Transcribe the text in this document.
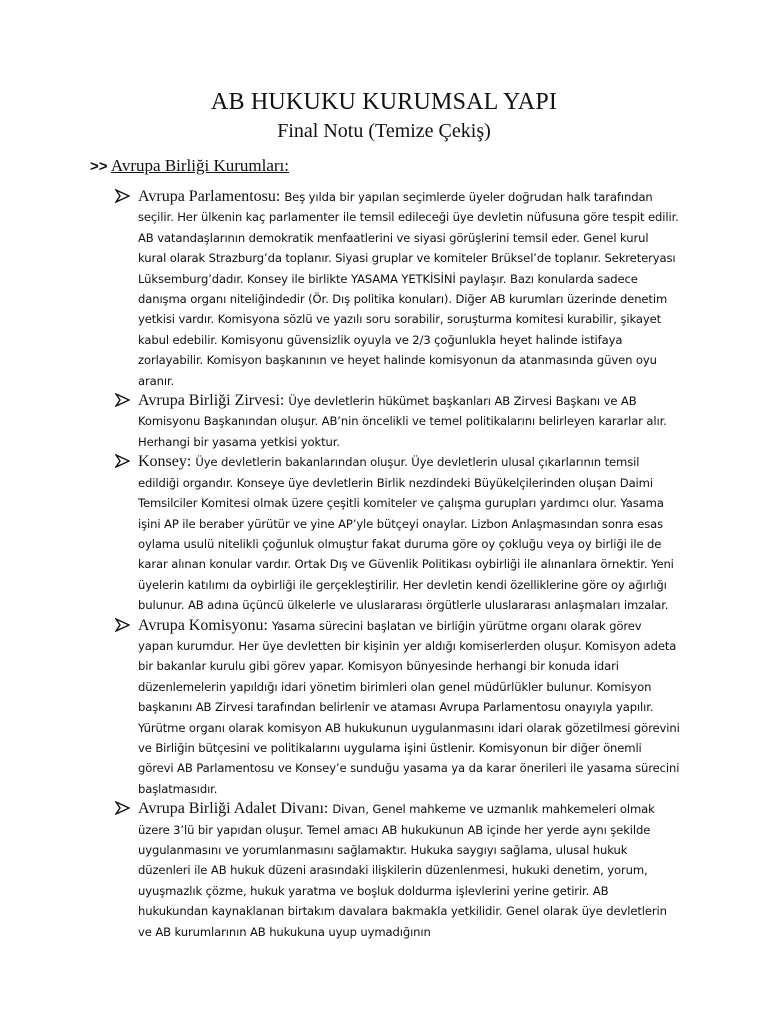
AB HUKUKU KURUMSAL YAPI
Final Notu (Temize Çekiş)
>> Avrupa Birliği Kurumları:

Avrupa Parlamentosu: Beş yılda bir yapılan seçimlerde üyeler doğrudan halk tarafından seçilir. Her ülkenin kaç parlamenter ile temsil edileceği üye devletin nüfusuna göre tespit edilir. AB vatandaşlarının demokratik menfaatlerini ve siyasi görüşlerini temsil eder. Genel kurul kural olarak Strazburg’da toplanır. Siyasi gruplar ve komiteler Brüksel’de toplanır. Sekreteryası Lüksemburg’dadır. Konsey ile birlikte YASAMA YETKİSİNİ paylaşır. Bazı konularda sadece danışma organı niteliğindedir (Ör. Dış politika konuları). Diğer AB kurumları üzerinde denetim yetkisi vardır. Komisyona sözlü ve yazılı soru sorabilir, soruşturma komitesi kurabilir, şikayet kabul edebilir. Komisyonu güvensizlik oyuyla ve 2/3 çoğunlukla heyet halinde istifaya zorlayabilir. Komisyon başkanının ve heyet halinde komisyonun da atanmasında güven oyu aranır.

Avrupa Birliği Zirvesi: Üye devletlerin hükümet başkanları AB Zirvesi Başkanı ve AB Komisyonu Başkanından oluşur. AB’nin öncelikli ve temel politikalarını belirleyen kararlar alır. Herhangi bir yasama yetkisi yoktur.

Konsey: Üye devletlerin bakanlarından oluşur. Üye devletlerin ulusal çıkarlarının temsil edildiği organdır. Konseye üye devletlerin Birlik nezdindeki Büyükelçilerinden oluşan Daimi Temsilciler Komitesi olmak üzere çeşitli komiteler ve çalışma gurupları yardımcı olur. Yasama işini AP ile beraber yürütür ve yine AP’yle bütçeyi onaylar. Lizbon Anlaşmasından sonra esas oylama usulü nitelikli çoğunluk olmuştur fakat duruma göre oy çokluğu veya oy birliği ile de karar alınan konular vardır. Ortak Dış ve Güvenlik Politikası oybirliği ile alınanlara örnektir. Yeni üyelerin katılımı da oybirliği ile gerçekleştirilir. Her devletin kendi özelliklerine göre oy ağırlığı bulunur. AB adına üçüncü ülkelerle ve uluslararası örgütlerle uluslararası anlaşmaları imzalar.

Avrupa Komisyonu: Yasama sürecini başlatan ve birliğin yürütme organı olarak görev yapan kurumdur. Her üye devletten bir kişinin yer aldığı komiserlerden oluşur. Komisyon adeta bir bakanlar kurulu gibi görev yapar. Komisyon bünyesinde herhangi bir konuda idari düzenlemelerin yapıldığı idari yönetim birimleri olan genel müdürlükler bulunur. Komisyon başkanını AB Zirvesi tarafından belirlenir ve ataması Avrupa Parlamentosu onayıyla yapılır. Yürütme organı olarak komisyon AB hukukunun uygulanmasını idari olarak gözetilmesi görevini ve Birliğin bütçesini ve politikalarını uygulama işini üstlenir. Komisyonun bir diğer önemli görevi AB Parlamentosu ve Konsey’e sunduğu yasama ya da karar önerileri ile yasama sürecini başlatmasıdır.

Avrupa Birliği Adalet Divanı: Divan, Genel mahkeme ve uzmanlık mahkemeleri olmak üzere 3’lü bir yapıdan oluşur. Temel amacı AB hukukunun AB içinde her yerde aynı şekilde uygulanmasını ve yorumlanmasını sağlamaktır. Hukuka saygıyı sağlama, ulusal hukuk düzenleri ile AB hukuk düzeni arasındaki ilişkilerin düzenlenmesi, hukuki denetim, yorum, uyuşmazlık çözme, hukuk yaratma ve boşluk doldurma işlevlerini yerine getirir. AB hukukundan kaynaklanan birtakım davalara bakmakla yetkilidir. Genel olarak üye devletlerin ve AB kurumlarının AB hukukuna uyup uymadığının
